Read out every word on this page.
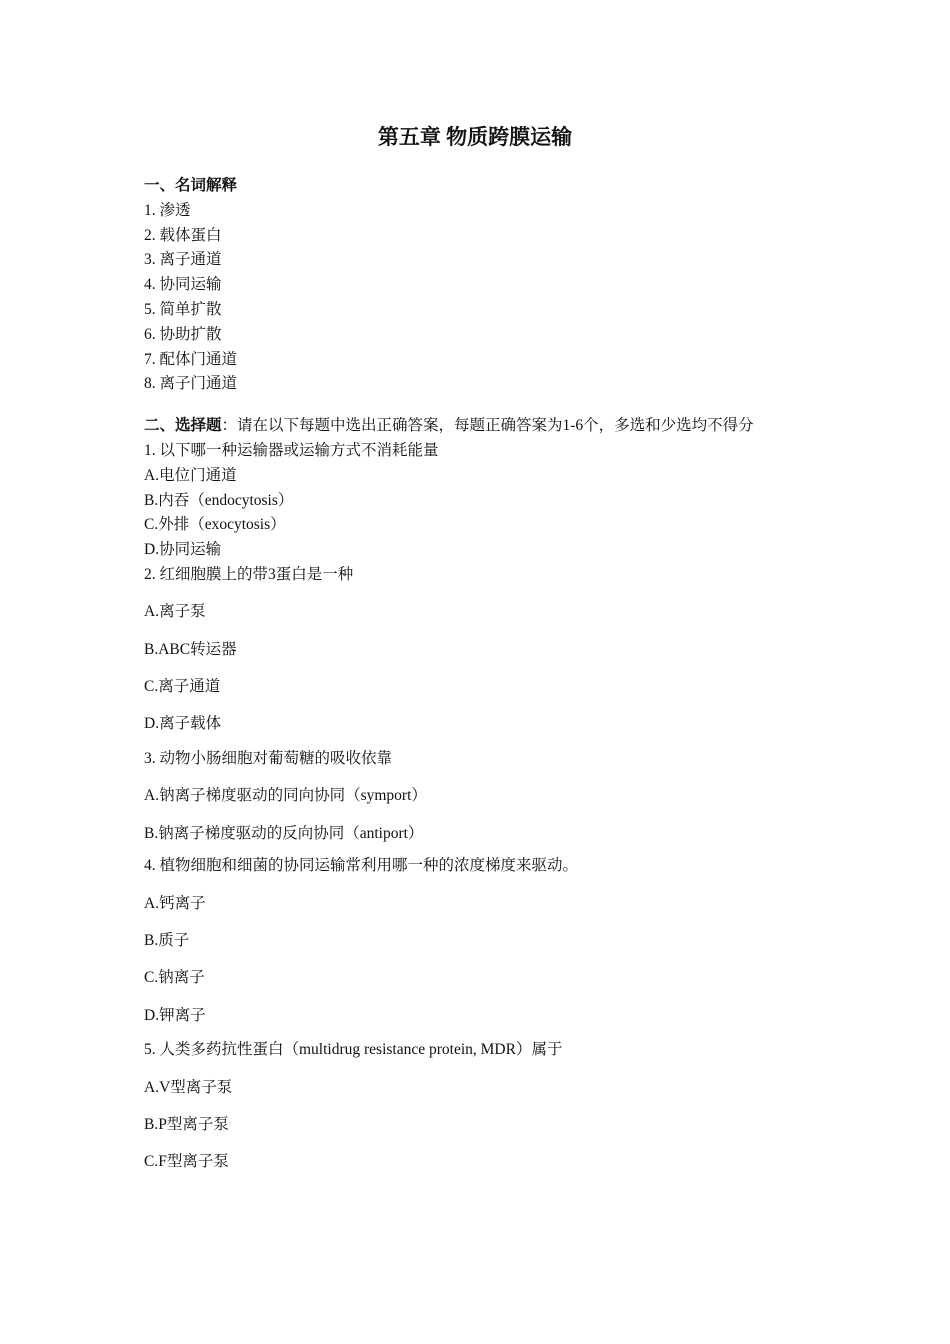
第五章 物质跨膜运输
一、名词解释
1. 渗透
2. 载体蛋白
3. 离子通道
4. 协同运输
5. 简单扩散
6. 协助扩散
7. 配体门通道
8. 离子门通道
二、选择题：请在以下每题中选出正确答案，每题正确答案为1-6个，多选和少选均不得分
1. 以下哪一种运输器或运输方式不消耗能量
A.电位门通道
B.内吞（endocytosis）
C.外排（exocytosis）
D.协同运输
2. 红细胞膜上的带3蛋白是一种
A.离子泵
B.ABC转运器
C.离子通道
D.离子载体
3. 动物小肠细胞对葡萄糖的吸收依靠
A.钠离子梯度驱动的同向协同（symport）
B.钠离子梯度驱动的反向协同（antiport）
4. 植物细胞和细菌的协同运输常利用哪一种的浓度梯度来驱动。
A.钙离子
B.质子
C.钠离子
D.钾离子
5. 人类多药抗性蛋白（multidrug resistance protein, MDR）属于
A.V型离子泵
B.P型离子泵
C.F型离子泵
